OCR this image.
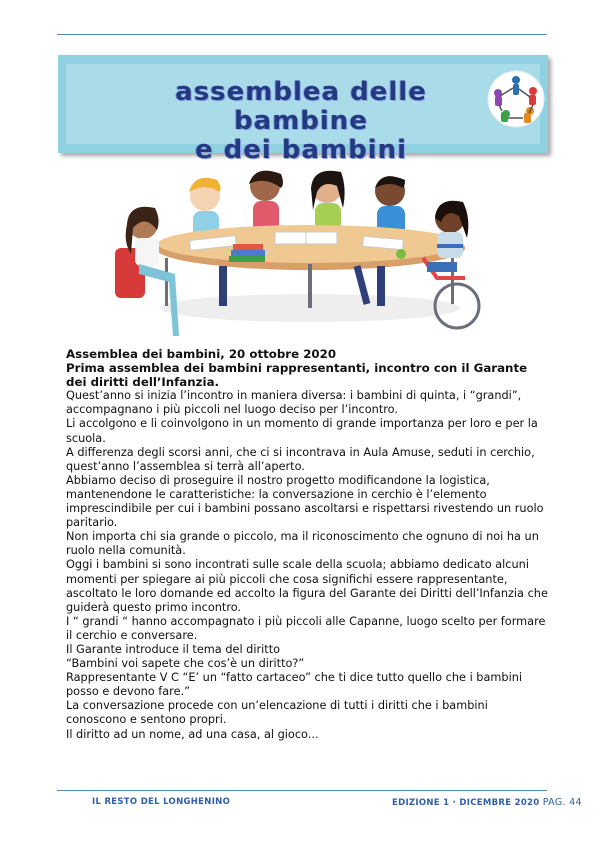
assemblea delle bambine
e dei bambini

Assemblea dei bambini, 20 ottobre 2020

Prima assemblea dei bambini rappresentanti, incontro con il Garante dei diritti dell’Infanzia.

Quest’anno si inizia l’incontro in maniera diversa: i bambini di quinta, i “grandi”, accompagnano i più piccoli nel luogo deciso per l’incontro.

Li accolgono e li coinvolgono in un momento di grande importanza per loro e per la scuola.

A differenza degli scorsi anni, che ci si incontrava in Aula Amuse, seduti in cerchio, quest’anno l’assemblea si terrà all’aperto.

Abbiamo deciso di proseguire il nostro progetto modificandone la logistica, mantenendone le caratteristiche: la conversazione in cerchio è l’elemento imprescindibile per cui i bambini possano ascoltarsi e rispettarsi rivestendo un ruolo paritario.

Non importa chi sia grande o piccolo, ma il riconoscimento che ognuno di noi ha un ruolo nella comunità.

Oggi i bambini si sono incontrati sulle scale della scuola; abbiamo dedicato alcuni momenti per spiegare ai più piccoli che cosa significhi essere rappresentante, ascoltato le loro domande ed accolto la figura del Garante dei Diritti dell’Infanzia che guiderà questo primo incontro.

I “ grandi “ hanno accompagnato i più piccoli alle Capanne, luogo scelto per formare il cerchio e conversare.

Il Garante introduce il tema del diritto

“Bambini voi sapete che cos’è un diritto?”

Rappresentante V C “E’ un “fatto cartaceo” che ti dice tutto quello che i bambini posso e devono fare.”

La conversazione procede con un’elencazione di tutti i diritti che i bambini conoscono e sentono propri.

Il diritto ad un nome, ad una casa, al gioco...

IL RESTO DEL LONGHENINO	EDIZIONE 1 · DICEMBRE 2020 PAG. 44
